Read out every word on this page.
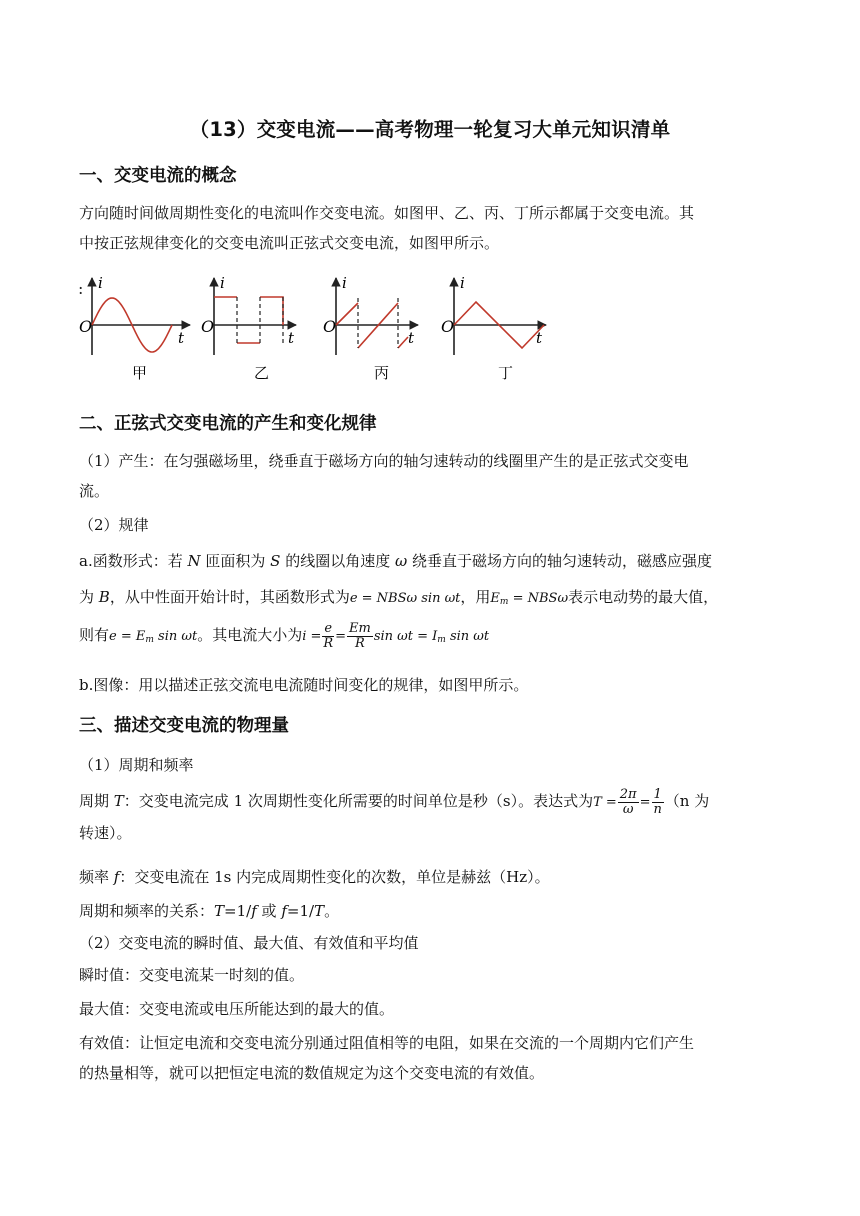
（13）交变电流——高考物理一轮复习大单元知识清单
一、交变电流的概念

方向随时间做周期性变化的电流叫作交变电流。如图甲、乙、丙、丁所示都属于交变电流。其
中按正弦规律变化的交变电流叫正弦式交变电流，如图甲所示。

: i
t
O
甲
i
t
O
乙
i
t
O
丙
i
t
O
丁
二、正弦式交变电流的产生和变化规律

（1）产生：在匀强磁场里，绕垂直于磁场方向的轴匀速转动的线圈里产生的是正弦式交变电
流。

（2）规律

a.函数形式：若 N 匝面积为 S 的线圈以角速度 ω 绕垂直于磁场方向的轴匀速转动，磁感应强度

为 B，从中性面开始计时，其函数形式为e = NBSω sin ωt，用$E_m = NBS\omega$表示电动势的最大值，

则有$e = E_m$ sin ωt。其电流大小为$i = \frac{e}{R} = \frac{Em}{R}$ $\sin \omega t = I_m$ sin ωt

b.图像：用以描述正弦交流电电流随时间变化的规律，如图甲所示。

三、描述交变电流的物理量

（1）周期和频率

周期 T：交变电流完成 1 次周期性变化所需要的时间单位是秒（s）。表达式为$T = \frac{2\pi}{\omega} = \frac{1}{n} (n$ 为
转速）。

频率 f：交变电流在 1s 内完成周期性变化的次数，单位是赫兹（Hz）。

周期和频率的关系：T=1/f 或 f=1/T。

（2）交变电流的瞬时值、最大值、有效值和平均值

瞬时值：交变电流某一时刻的值。

最大值：交变电流或电压所能达到的最大的值。

有效值：让恒定电流和交变电流分别通过阻值相等的电阻，如果在交流的一个周期内它们产生
的热量相等，就可以把恒定电流的数值规定为这个交变电流的有效值。
